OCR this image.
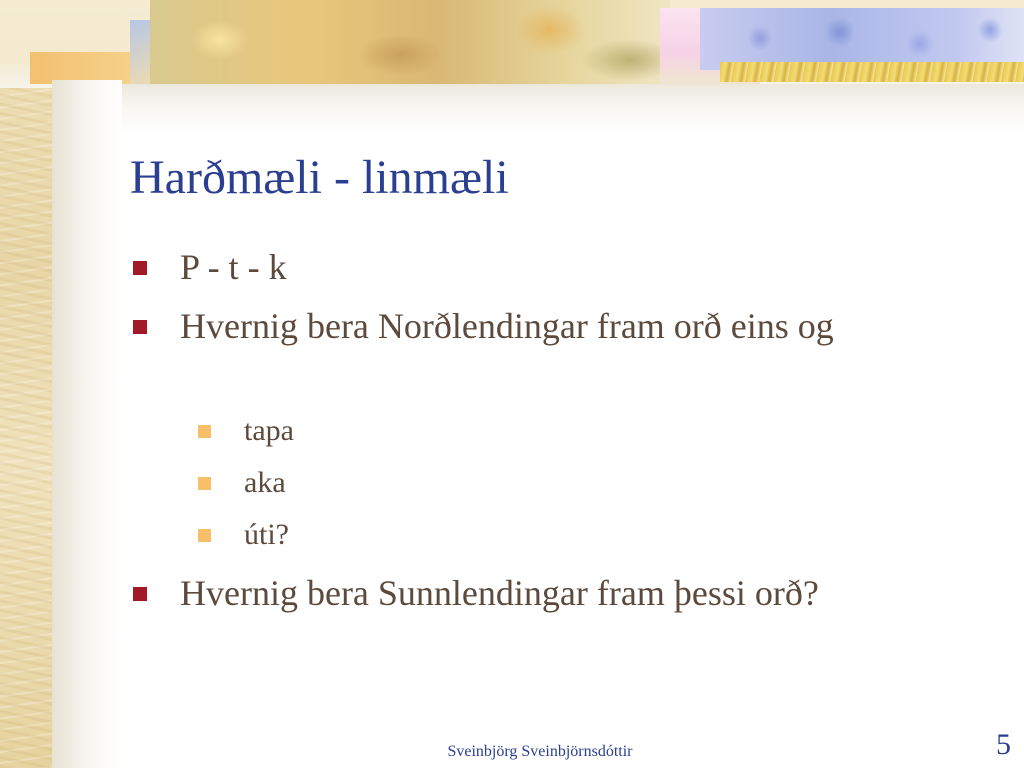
Harðmæli - linmæli
P - t - k
Hvernig bera Norðlendingar fram orð eins og
tapa
aka
úti?
Hvernig bera Sunnlendingar fram þessi orð?
Sveinbjörg Sveinbjörnsdóttir	5
